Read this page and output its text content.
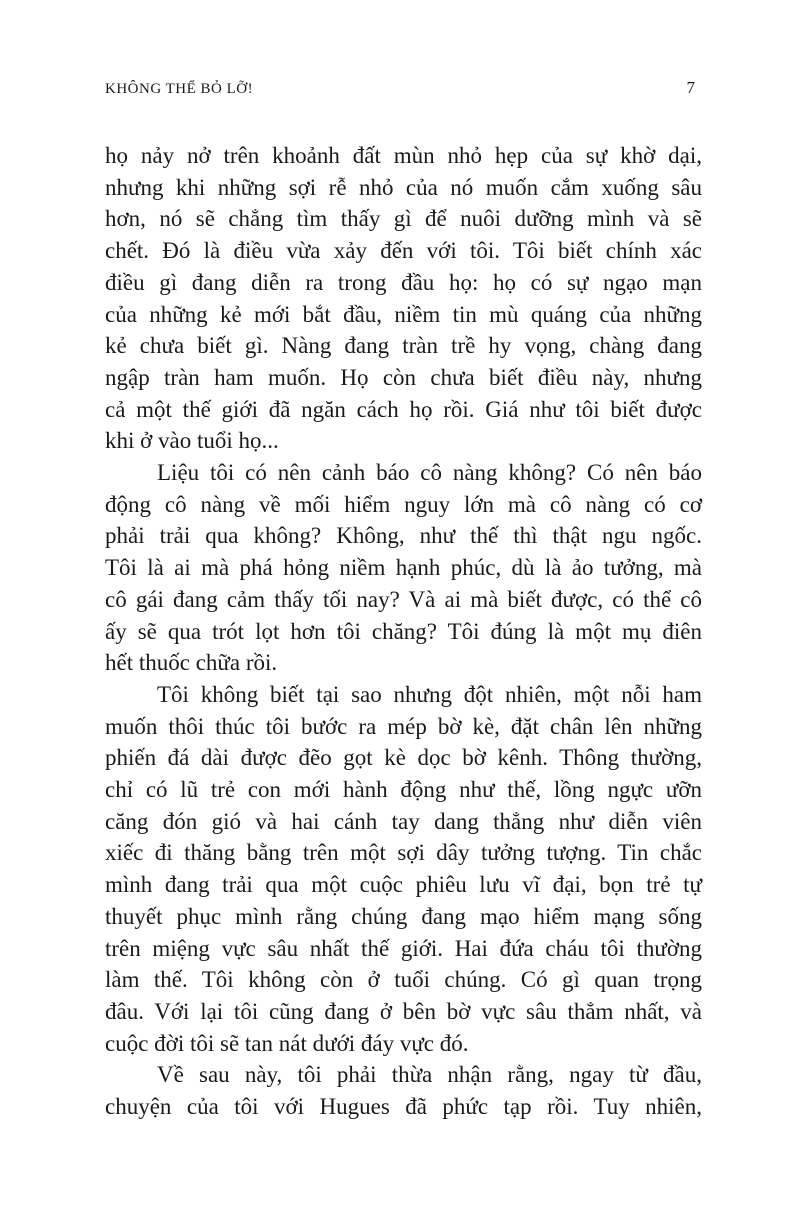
KHÔNG THỂ BỎ LỠ!	7

họ nảy nở trên khoảnh đất mùn nhỏ hẹp của sự khờ dại,
nhưng khi những sợi rễ nhỏ của nó muốn cắm xuống sâu
hơn, nó sẽ chẳng tìm thấy gì để nuôi dưỡng mình và sẽ
chết. Đó là điều vừa xảy đến với tôi. Tôi biết chính xác
điều gì đang diễn ra trong đầu họ: họ có sự ngạo mạn
của những kẻ mới bắt đầu, niềm tin mù quáng của những
kẻ chưa biết gì. Nàng đang tràn trề hy vọng, chàng đang
ngập tràn ham muốn. Họ còn chưa biết điều này, nhưng
cả một thế giới đã ngăn cách họ rồi. Giá như tôi biết được
khi ở vào tuổi họ...

Liệu tôi có nên cảnh báo cô nàng không? Có nên báo
động cô nàng về mối hiểm nguy lớn mà cô nàng có cơ
phải trải qua không? Không, như thế thì thật ngu ngốc.
Tôi là ai mà phá hỏng niềm hạnh phúc, dù là ảo tưởng, mà
cô gái đang cảm thấy tối nay? Và ai mà biết được, có thể cô
ấy sẽ qua trót lọt hơn tôi chăng? Tôi đúng là một mụ điên
hết thuốc chữa rồi.

Tôi không biết tại sao nhưng đột nhiên, một nỗi ham
muốn thôi thúc tôi bước ra mép bờ kè, đặt chân lên những
phiến đá dài được đẽo gọt kè dọc bờ kênh. Thông thường,
chỉ có lũ trẻ con mới hành động như thế, lồng ngực ưỡn
căng đón gió và hai cánh tay dang thẳng như diễn viên
xiếc đi thăng bằng trên một sợi dây tưởng tượng. Tin chắc
mình đang trải qua một cuộc phiêu lưu vĩ đại, bọn trẻ tự
thuyết phục mình rằng chúng đang mạo hiểm mạng sống
trên miệng vực sâu nhất thế giới. Hai đứa cháu tôi thường
làm thế. Tôi không còn ở tuổi chúng. Có gì quan trọng
đâu. Với lại tôi cũng đang ở bên bờ vực sâu thẳm nhất, và
cuộc đời tôi sẽ tan nát dưới đáy vực đó.

Về sau này, tôi phải thừa nhận rằng, ngay từ đầu,
chuyện của tôi với Hugues đã phức tạp rồi. Tuy nhiên,
